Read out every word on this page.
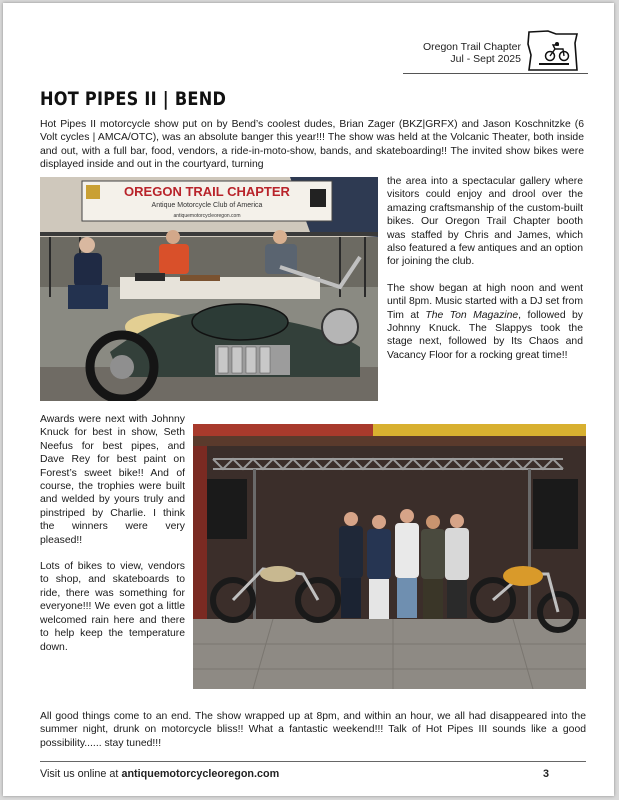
Oregon Trail Chapter
Jul - Sept 2025
HOT PIPES II | BEND

Hot Pipes II motorcycle show put on by Bend’s coolest dudes, Brian Zager (BKZ|GRFX) and Jason Koschnitzke (6 Volt cycles | AMCA/OTC), was an absolute banger this year!!! The show was held at the Volcanic Theater, both inside and out, with a full bar, food, vendors, a ride-in-moto-show, bands, and skateboarding!! The invited show bikes were displayed inside and out in the courtyard, turning

OREGON TRAIL CHAPTER
Antique Motorcycle Club of America
antiquemotorcycleoregon.com

the area into a spectacular gallery where visitors could enjoy and drool over the amazing craftsmanship of the custom-built bikes. Our Oregon Trail Chapter booth was staffed by Chris and James, which also featured a few antiques and an option for joining the club.

The show began at high noon and went until 8pm. Music started with a DJ set from Tim at The Ton Magazine, followed by Johnny Knuck. The Slappys took the stage next, followed by Its Chaos and Vacancy Floor for a rocking great time!!

Awards were next with Johnny Knuck for best in show, Seth Neefus for best pipes, and Dave Rey for best paint on Forest’s sweet bike!! And of course, the trophies were built and welded by yours truly and pinstriped by Charlie. I think the winners were very pleased!!

Lots of bikes to view, vendors to shop, and skateboards to ride, there was something for everyone!!! We even got a little welcomed rain here and there to help keep the temperature down.

All good things come to an end. The show wrapped up at 8pm, and within an hour, we all had disappeared into the summer night, drunk on motorcycle bliss!! What a fantastic weekend!!! Talk of Hot Pipes III sounds like a good possibility...... stay tuned!!!

Visit us online at antiquemotorcycleoregon.com	3
